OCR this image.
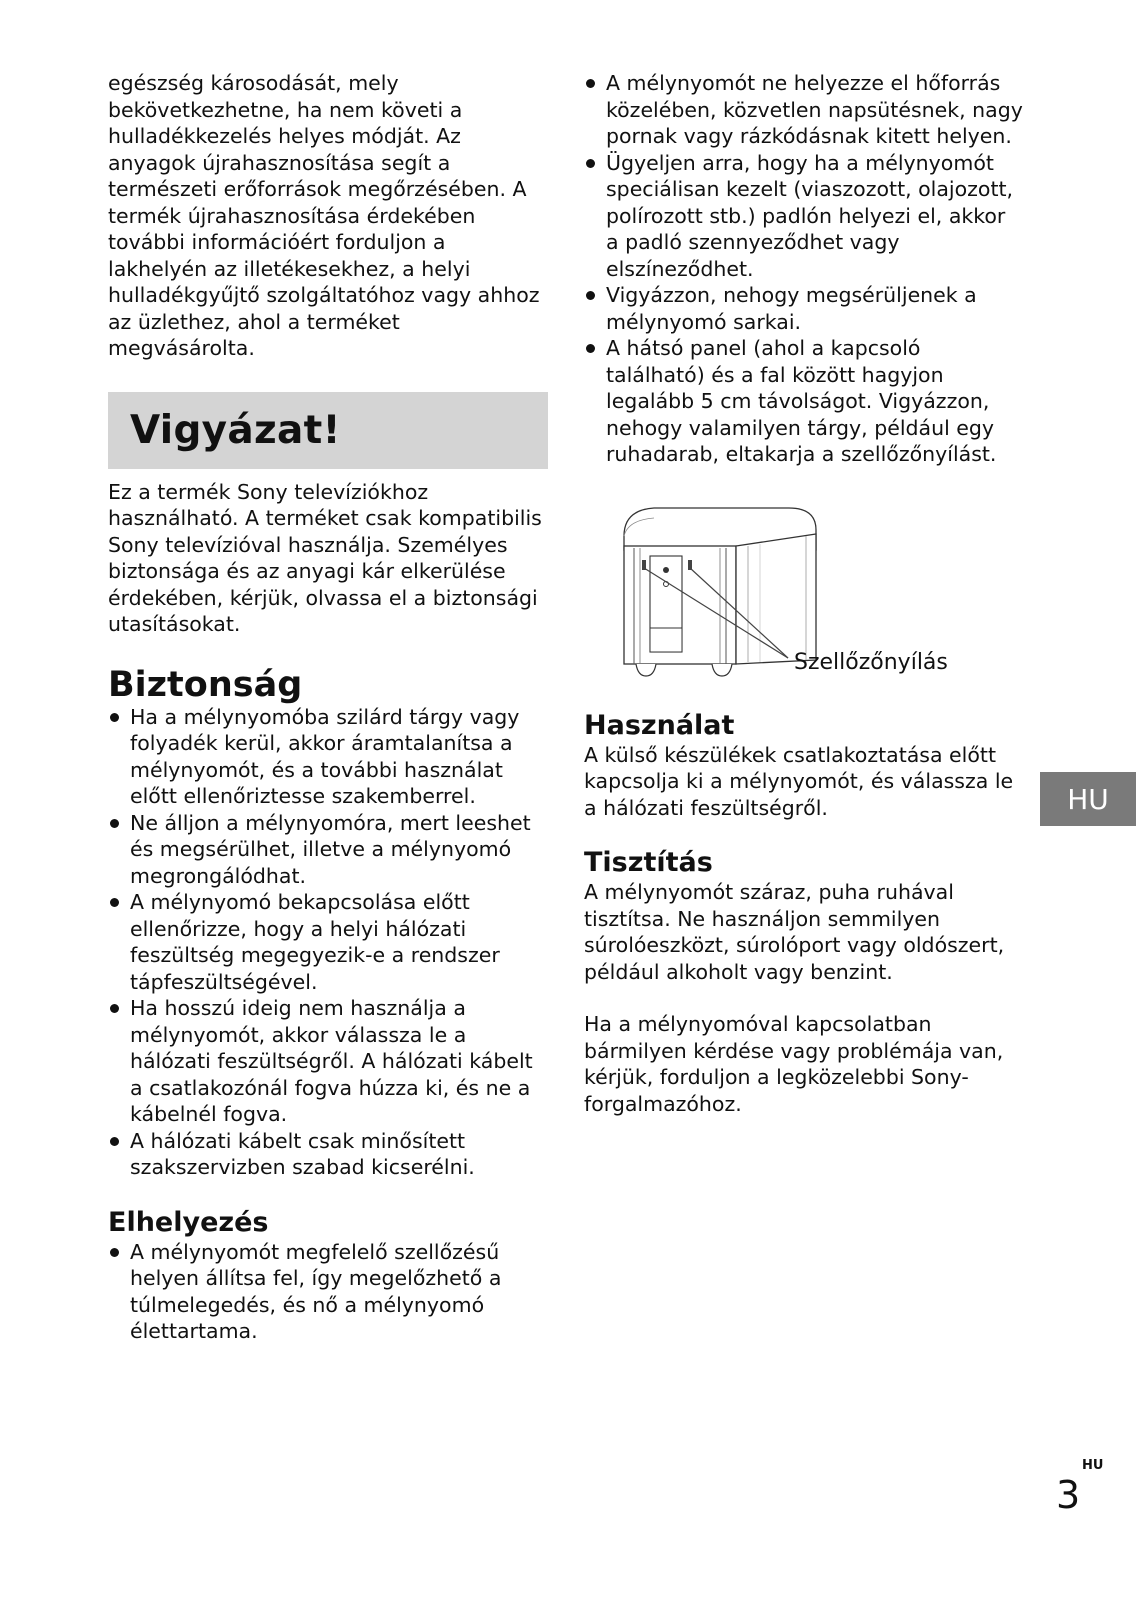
egészség károsodását, mely bekövetkezhetne, ha nem követi a hulladékkezelés helyes módját. Az anyagok újrahasznosítása segít a természeti erőforrások megőrzésében. A termék újrahasznosítása érdekében további információért forduljon a lakhelyén az illetékesekhez, a helyi hulladékgyűjtő szolgáltatóhoz vagy ahhoz az üzlethez, ahol a terméket megvásárolta.

Vigyázat!

Ez a termék Sony televíziókhoz használható. A terméket csak kompatibilis Sony televízióval használja. Személyes biztonsága és az anyagi kár elkerülése érdekében, kérjük, olvassa el a biztonsági utasításokat.

Biztonság
Ha a mélynyomóba szilárd tárgy vagy folyadék kerül, akkor áramtalanítsa a mélynyomót, és a további használat előtt ellenőriztesse szakemberrel.
Ne álljon a mélynyomóra, mert leeshet és megsérülhet, illetve a mélynyomó megrongálódhat.
A mélynyomó bekapcsolása előtt ellenőrizze, hogy a helyi hálózati feszültség megegyezik-e a rendszer tápfeszültségével.
Ha hosszú ideig nem használja a mélynyomót, akkor válassza le a hálózati feszültségről. A hálózati kábelt a csatlakozónál fogva húzza ki, és ne a kábelnél fogva.
A hálózati kábelt csak minősített szakszervizben szabad kicserélni.
Elhelyezés
A mélynyomót megfelelő szellőzésű helyen állítsa fel, így megelőzhető a túlmelegedés, és nő a mélynyomó élettartama.
A mélynyomót ne helyezze el hőforrás közelében, közvetlen napsütésnek, nagy pornak vagy rázkódásnak kitett helyen.
Ügyeljen arra, hogy ha a mélynyomót speciálisan kezelt (viaszozott, olajozott, polírozott stb.) padlón helyezi el, akkor a padló szennyeződhet vagy elszíneződhet.
Vigyázzon, nehogy megsérüljenek a mélynyomó sarkai.
A hátsó panel (ahol a kapcsoló található) és a fal között hagyjon legalább 5 cm távolságot. Vigyázzon, nehogy valamilyen tárgy, például egy ruhadarab, eltakarja a szellőzőnyílást.
Szellőzőnyílás
Használat

A külső készülékek csatlakoztatása előtt kapcsolja ki a mélynyomót, és válassza le a hálózati feszültségről.

Tisztítás

A mélynyomót száraz, puha ruhával tisztítsa. Ne használjon semmilyen súrolóeszközt, súrolóport vagy oldószert, például alkoholt vagy benzint.

Ha a mélynyomóval kapcsolatban bármilyen kérdése vagy problémája van, kérjük, forduljon a legközelebbi Sony-forgalmazóhoz.

HU
HU
3
